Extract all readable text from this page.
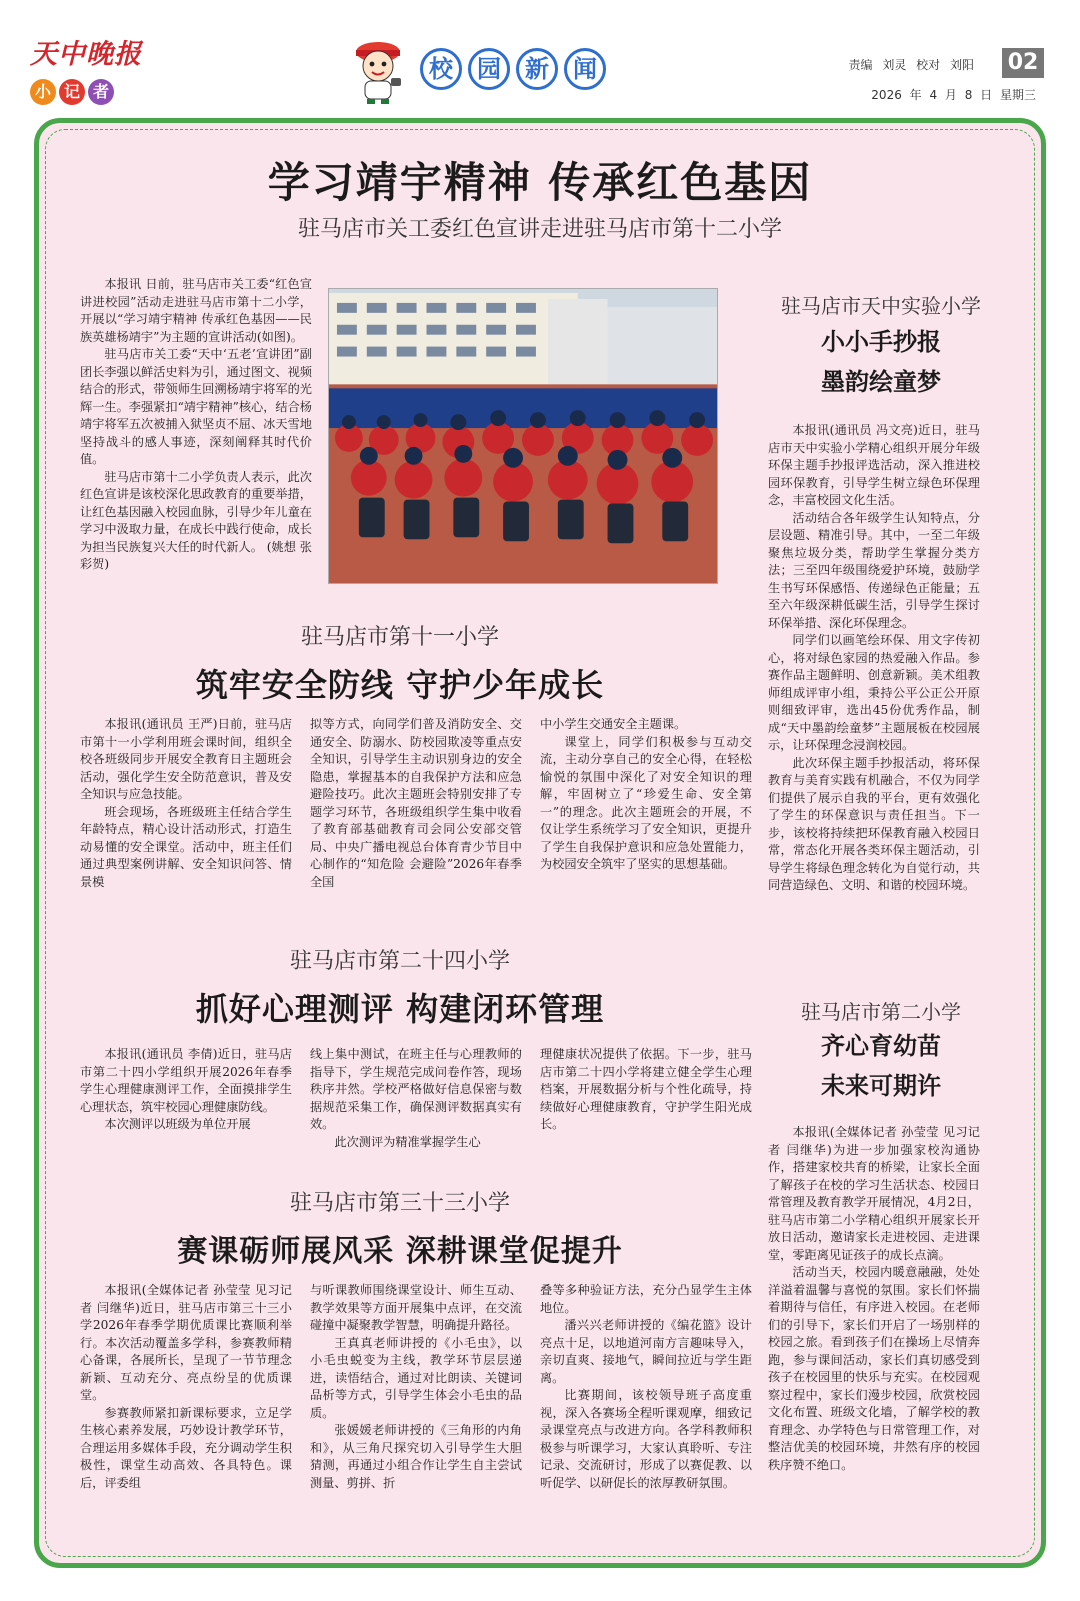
天中晚报
小 记 者
校	园	新	闻	责编 刘灵 校对 刘阳 02
2026 年 4 月 8 日 星期三
学习靖宇精神 传承红色基因
驻马店市关工委红色宣讲走进驻马店市第十二小学

本报讯 日前，驻马店市关工委“红色宣讲进校园”活动走进驻马店市第十二小学，开展以“学习靖宇精神 传承红色基因——民族英雄杨靖宇”为主题的宣讲活动(如图)。

驻马店市关工委“天中‘五老’宣讲团”副团长李强以鲜活史料为引，通过图文、视频结合的形式，带领师生回溯杨靖宇将军的光辉一生。李强紧扣“靖宇精神”核心，结合杨靖宇将军五次被捕入狱坚贞不屈、冰天雪地坚持战斗的感人事迹，深刻阐释其时代价值。

驻马店市第十二小学负责人表示，此次红色宣讲是该校深化思政教育的重要举措，让红色基因融入校园血脉，引导少年儿童在学习中汲取力量，在成长中践行使命，成长为担当民族复兴大任的时代新人。 (姚想 张彩贺)

驻马店市第十一小学
筑牢安全防线 守护少年成长

本报讯(通讯员 王严)日前，驻马店市第十一小学利用班会课时间，组织全校各班级同步开展安全教育日主题班会活动，强化学生安全防范意识，普及安全知识与应急技能。

班会现场，各班级班主任结合学生年龄特点，精心设计活动形式，打造生动易懂的安全课堂。活动中，班主任们通过典型案例讲解、安全知识问答、情景模

拟等方式，向同学们普及消防安全、交通安全、防溺水、防校园欺凌等重点安全知识，引导学生主动识别身边的安全隐患，掌握基本的自我保护方法和应急避险技巧。此次主题班会特别安排了专题学习环节，各班级组织学生集中收看了教育部基础教育司会同公安部交管局、中央广播电视总台体育青少节目中心制作的“知危险 会避险”2026年春季全国

中小学生交通安全主题课。

课堂上，同学们积极参与互动交流，主动分享自己的安全心得，在轻松愉悦的氛围中深化了对安全知识的理解，牢固树立了“珍爱生命、安全第一”的理念。此次主题班会的开展，不仅让学生系统学习了安全知识，更提升了学生自我保护意识和应急处置能力，为校园安全筑牢了坚实的思想基础。

驻马店市第二十四小学
抓好心理测评 构建闭环管理

本报讯(通讯员 李倩)近日，驻马店市第二十四小学组织开展2026年春季学生心理健康测评工作，全面摸排学生心理状态，筑牢校园心理健康防线。

本次测评以班级为单位开展

线上集中测试，在班主任与心理教师的指导下，学生规范完成问卷作答，现场秩序井然。学校严格做好信息保密与数据规范采集工作，确保测评数据真实有效。

此次测评为精准掌握学生心

理健康状况提供了依据。下一步，驻马店市第二十四小学将建立健全学生心理档案，开展数据分析与个性化疏导，持续做好心理健康教育，守护学生阳光成长。

驻马店市第三十三小学
赛课砺师展风采 深耕课堂促提升

本报讯(全媒体记者 孙莹莹 见习记者 闫继华)近日，驻马店市第三十三小学2026年春季学期优质课比赛顺利举行。本次活动覆盖多学科，参赛教师精心备课，各展所长，呈现了一节节理念新颖、互动充分、亮点纷呈的优质课堂。

参赛教师紧扣新课标要求，立足学生核心素养发展，巧妙设计教学环节，合理运用多媒体手段，充分调动学生积极性，课堂生动高效、各具特色。课后，评委组

与听课教师围绕课堂设计、师生互动、教学效果等方面开展集中点评，在交流碰撞中凝聚教学智慧，明确提升路径。

王真真老师讲授的《小毛虫》，以小毛虫蜕变为主线，教学环节层层递进，读悟结合，通过对比朗读、关键词品析等方式，引导学生体会小毛虫的品质。

张媛媛老师讲授的《三角形的内角和》，从三角尺探究切入引导学生大胆猜测，再通过小组合作让学生自主尝试测量、剪拼、折

叠等多种验证方法，充分凸显学生主体地位。

潘兴兴老师讲授的《编花篮》设计亮点十足，以地道河南方言趣味导入，亲切直爽、接地气，瞬间拉近与学生距离。

比赛期间，该校领导班子高度重视，深入各赛场全程听课观摩，细致记录课堂亮点与改进方向。各学科教师积极参与听课学习，大家认真聆听、专注记录、交流研讨，形成了以赛促教、以听促学、以研促长的浓厚教研氛围。

驻马店市天中实验小学
小小手抄报
墨韵绘童梦

本报讯(通讯员 冯文亮)近日，驻马店市天中实验小学精心组织开展分年级环保主题手抄报评选活动，深入推进校园环保教育，引导学生树立绿色环保理念，丰富校园文化生活。

活动结合各年级学生认知特点，分层设题、精准引导。其中，一至二年级聚焦垃圾分类，帮助学生掌握分类方法；三至四年级围绕爱护环境，鼓励学生书写环保感悟、传递绿色正能量；五至六年级深耕低碳生活，引导学生探讨环保举措、深化环保理念。

同学们以画笔绘环保、用文字传初心，将对绿色家园的热爱融入作品。参赛作品主题鲜明、创意新颖。美术组教师组成评审小组，秉持公平公正公开原则细致评审，选出45份优秀作品，制成“天中墨韵绘童梦”主题展板在校园展示，让环保理念浸润校园。

此次环保主题手抄报活动，将环保教育与美育实践有机融合，不仅为同学们提供了展示自我的平台，更有效强化了学生的环保意识与责任担当。下一步，该校将持续把环保教育融入校园日常，常态化开展各类环保主题活动，引导学生将绿色理念转化为自觉行动，共同营造绿色、文明、和谐的校园环境。

驻马店市第二小学
齐心育幼苗
未来可期许

本报讯(全媒体记者 孙莹莹 见习记者 闫继华)为进一步加强家校沟通协作，搭建家校共育的桥梁，让家长全面了解孩子在校的学习生活状态、校园日常管理及教育教学开展情况，4月2日，驻马店市第二小学精心组织开展家长开放日活动，邀请家长走进校园、走进课堂，零距离见证孩子的成长点滴。

活动当天，校园内暖意融融，处处洋溢着温馨与喜悦的氛围。家长们怀揣着期待与信任，有序进入校园。在老师们的引导下，家长们开启了一场别样的校园之旅。看到孩子们在操场上尽情奔跑，参与课间活动，家长们真切感受到孩子在校园里的快乐与充实。在校园观察过程中，家长们漫步校园，欣赏校园文化布置、班级文化墙，了解学校的教育理念、办学特色与日常管理工作，对整洁优美的校园环境，井然有序的校园秩序赞不绝口。
